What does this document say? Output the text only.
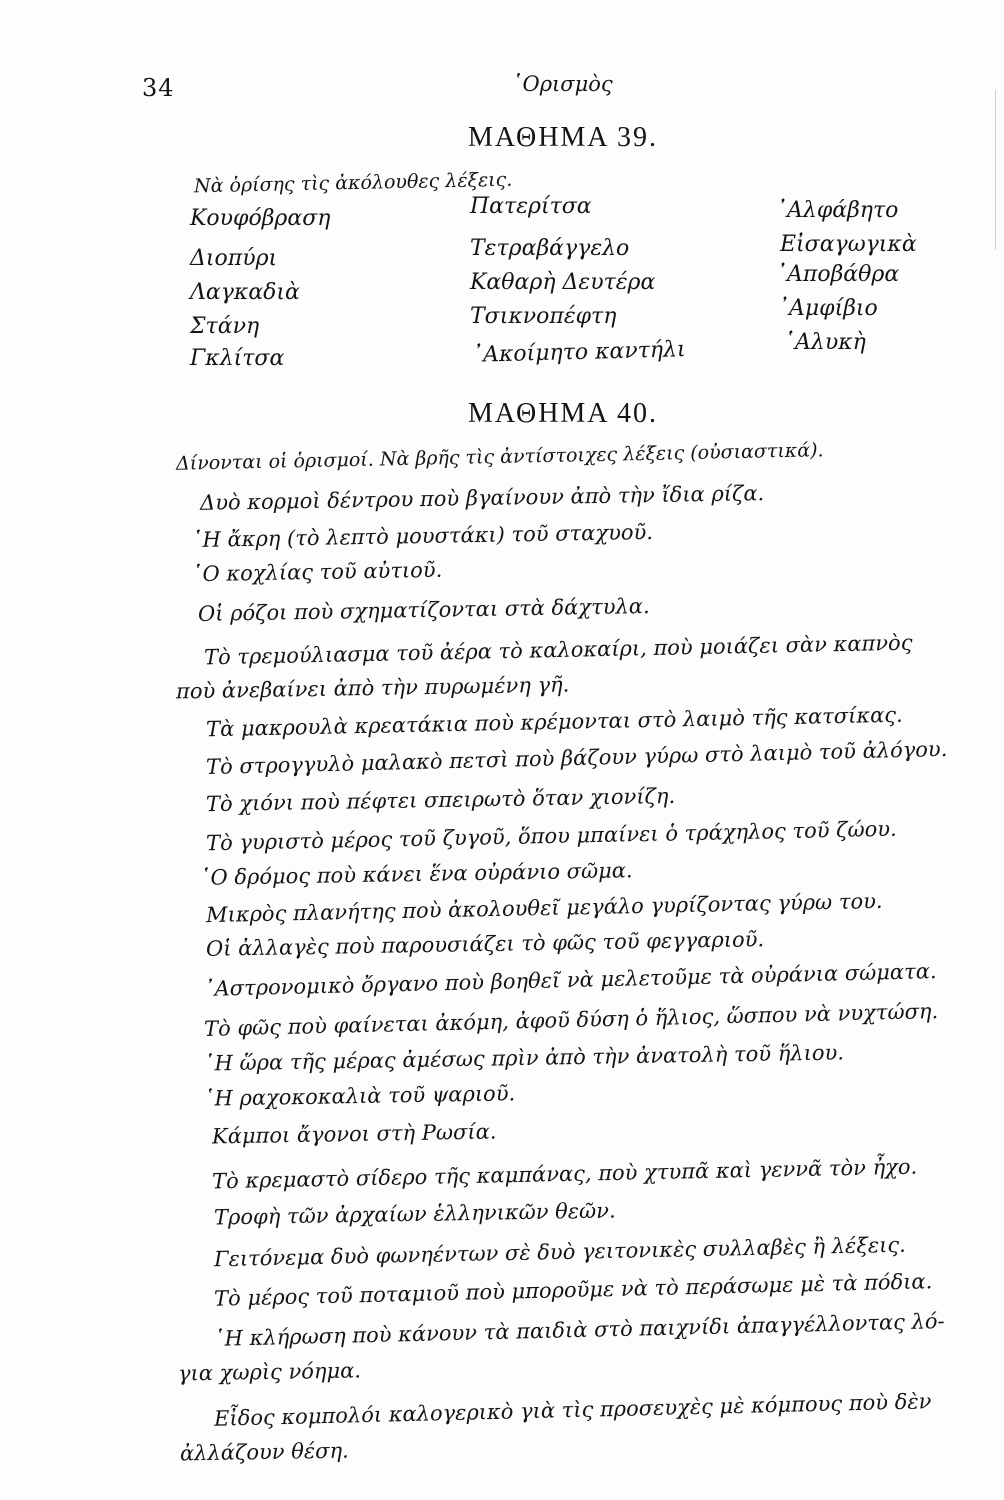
34	῾Ορισμὸς
ΜΑΘΗΜΑ 39.
Νὰ ὁρίσης τὶς ἀκόλουθες λέξεις.
Κουφόβραση
Διοπύρι
Λαγκαδιὰ
Στάνη
Γκλίτσα
Πατερίτσα
Τετραβάγγελο
Καθαρὴ Δευτέρα
Τσικνοπέφτη
᾿Ακοίμητο καντήλι
᾿Αλφάβητο
Εἰσαγωγικὰ
᾿Αποβάθρα
᾿Αμφίβιο
῾Αλυκὴ
ΜΑΘΗΜΑ 40.
Δίνονται οἱ ὁρισμοί. Νὰ βρῆς τὶς ἀντίστοιχες λέξεις (οὐσιαστικά).
Δυὸ κορμοὶ δέντρου ποὺ βγαίνουν ἀπὸ τὴν ἴδια ρίζα.
῾Η ἄκρη (τὸ λεπτὸ μουστάκι) τοῦ σταχυοῦ.
῾Ο κοχλίας τοῦ αὐτιοῦ.
Οἱ ρόζοι ποὺ σχηματίζονται στὰ δάχτυλα.
Τὸ τρεμούλιασμα τοῦ ἀέρα τὸ καλοκαίρι, ποὺ μοιάζει σὰν καπνὸς
ποὺ ἀνεβαίνει ἀπὸ τὴν πυρωμένη γῆ.
Τὰ μακρουλὰ κρεατάκια ποὺ κρέμονται στὸ λαιμὸ τῆς κατσίκας.
Τὸ στρογγυλὸ μαλακὸ πετσὶ ποὺ βάζουν γύρω στὸ λαιμὸ τοῦ ἀλόγου.
Τὸ χιόνι ποὺ πέφτει σπειρωτὸ ὅταν χιονίζη.
Τὸ γυριστὸ μέρος τοῦ ζυγοῦ, ὅπου μπαίνει ὁ τράχηλος τοῦ ζώου.
῾Ο δρόμος ποὺ κάνει ἕνα οὐράνιο σῶμα.
Μικρὸς πλανήτης ποὺ ἀκολουθεῖ μεγάλο γυρίζοντας γύρω του.
Οἱ ἀλλαγὲς ποὺ παρουσιάζει τὸ φῶς τοῦ φεγγαριοῦ.
᾿Αστρονομικὸ ὄργανο ποὺ βοηθεῖ νὰ μελετοῦμε τὰ οὐράνια σώματα.
Τὸ φῶς ποὺ φαίνεται ἀκόμη, ἀφοῦ δύση ὁ ἥλιος, ὥσπου νὰ νυχτώση.
῾Η ὥρα τῆς μέρας ἀμέσως πρὶν ἀπὸ τὴν ἀνατολὴ τοῦ ἥλιου.
῾Η ραχοκοκαλιὰ τοῦ ψαριοῦ.
Κάμποι ἄγονοι στὴ Ρωσία.
Τὸ κρεμαστὸ σίδερο τῆς καμπάνας, ποὺ χτυπᾶ καὶ γεννᾶ τὸν ἦχο.
Τροφὴ τῶν ἀρχαίων ἑλληνικῶν θεῶν.
Γειτόνεμα δυὸ φωνηέντων σὲ δυὸ γειτονικὲς συλλαβὲς ἢ λέξεις.
Τὸ μέρος τοῦ ποταμιοῦ ποὺ μποροῦμε νὰ τὸ περάσωμε μὲ τὰ πόδια.
῾Η κλήρωση ποὺ κάνουν τὰ παιδιὰ στὸ παιχνίδι ἀπαγγέλλοντας λό-
για χωρὶς νόημα.
Εἶδος κομπολόι καλογερικὸ γιὰ τὶς προσευχὲς μὲ κόμπους ποὺ δὲν
ἀλλάζουν θέση.
